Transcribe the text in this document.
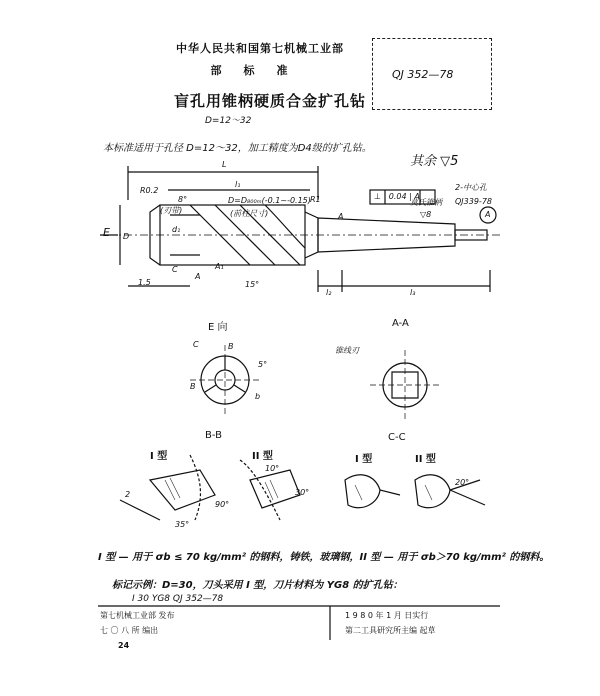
中华人民共和国第七机械工业部
部标准	QJ 352—78
盲孔用锥柄硬质合金扩孔钻
D=12～32
本标准适用于孔径 D=12～32，加工精度为D4级的扩孔钻。
其余 ▽5
L
l₁
R0.2
8°
(刃带)
D=D₈₀₀ₘ(-0.1~-0.15)
(前柱尺寸)
R1
A
E D
d₁
C
A
A₁
1.5	15°
l₂	l₃
⊥ | 0.04 | A
▽8
2-中心孔
莫氏锥柄 QJ339-78
A
E 向	A-A
B-B	C-C
C	B
B
b
5°
锥线刃
I 型	II 型	I 型	II 型
10°
30°
20°
90°
2
35°
I 型 — 用于 σb ≤ 70 kg/mm² 的钢料，铸铁，玻璃钢，II 型 — 用于 σb＞70 kg/mm² 的钢料。
标记示例：D=30，刀头采用 I 型，刀片材料为 YG8 的扩孔钻：
I 30 YG8 QJ 352—78
第七机械工业部 发布
七 〇 八 所 编出
1 9 8 0 年 1 月 日实行
第二工具研究所主编 起草
24
